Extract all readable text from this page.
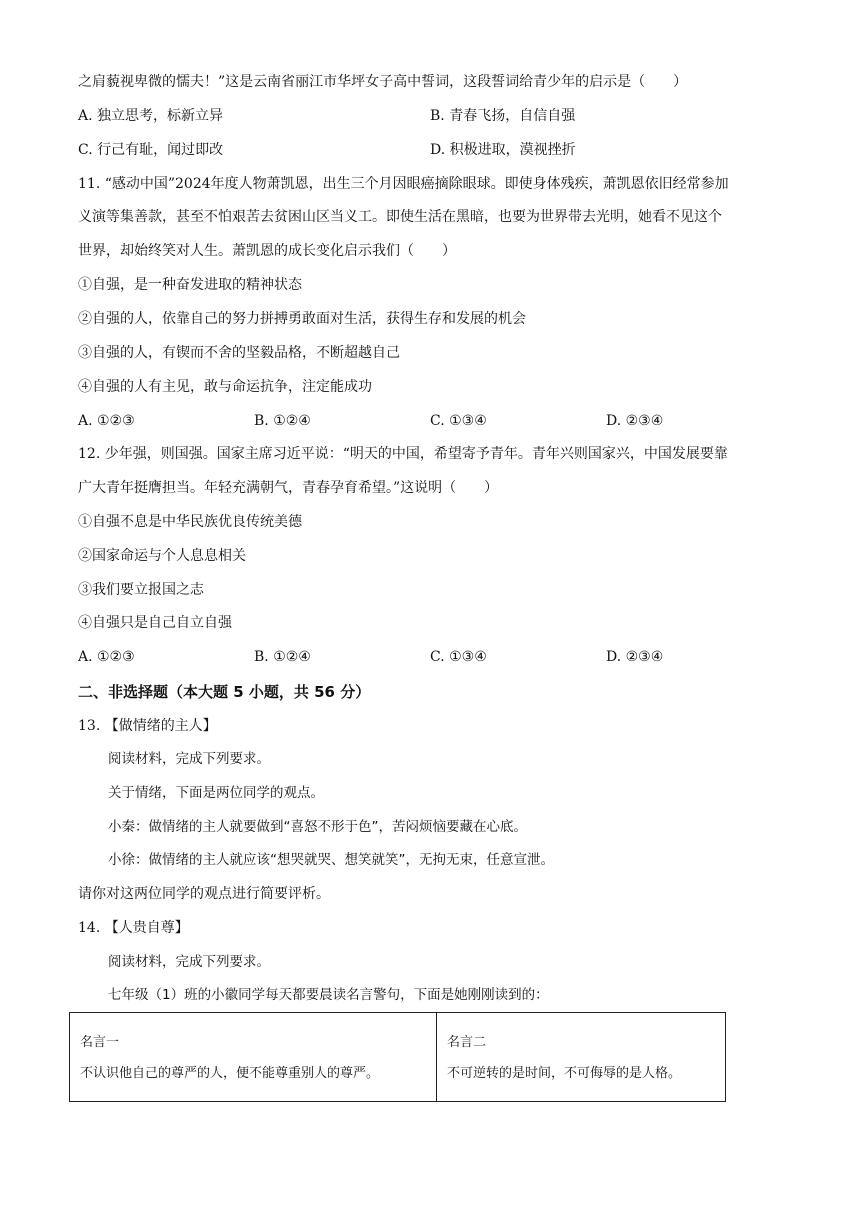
之肩藐视卑微的懦夫！”这是云南省丽江市华坪女子高中誓词，这段誓词给青少年的启示是（　　）
A. 独立思考，标新立异	B. 青春飞扬，自信自强
C. 行己有耻，闻过即改	D. 积极进取，漠视挫折
11. “感动中国”2024年度人物萧凯恩，出生三个月因眼癌摘除眼球。即使身体残疾，萧凯恩依旧经常参加
义演等集善款，甚至不怕艰苦去贫困山区当义工。即使生活在黑暗，也要为世界带去光明，她看不见这个
世界，却始终笑对人生。萧凯恩的成长变化启示我们（　　）
①自强，是一种奋发进取的精神状态
②自强的人，依靠自己的努力拼搏勇敢面对生活，获得生存和发展的机会
③自强的人，有锲而不舍的坚毅品格，不断超越自己
④自强的人有主见，敢与命运抗争，注定能成功
A. ①②③	B. ①②④	C. ①③④	D. ②③④
12. 少年强，则国强。国家主席习近平说：“明天的中国，希望寄予青年。青年兴则国家兴，中国发展要靠
广大青年挺膺担当。年轻充满朝气，青春孕育希望。”这说明（　　）
①自强不息是中华民族优良传统美德
②国家命运与个人息息相关
③我们要立报国之志
④自强只是自己自立自强
A. ①②③	B. ①②④	C. ①③④	D. ②③④
二、非选择题（本大题 5 小题，共 56 分）
13. 【做情绪的主人】
阅读材料，完成下列要求。
关于情绪，下面是两位同学的观点。
小秦：做情绪的主人就要做到“喜怒不形于色”，苦闷烦恼要藏在心底。
小徐：做情绪的主人就应该“想哭就哭、想笑就笑”，无拘无束，任意宣泄。
请你对这两位同学的观点进行简要评析。
14. 【人贵自尊】
阅读材料，完成下列要求。
七年级（1）班的小徽同学每天都要晨读名言警句，下面是她刚刚读到的：
名言一
不认识他自己的尊严的人，便不能尊重别人的尊严。

名言二
不可逆转的是时间，不可侮辱的是人格。
